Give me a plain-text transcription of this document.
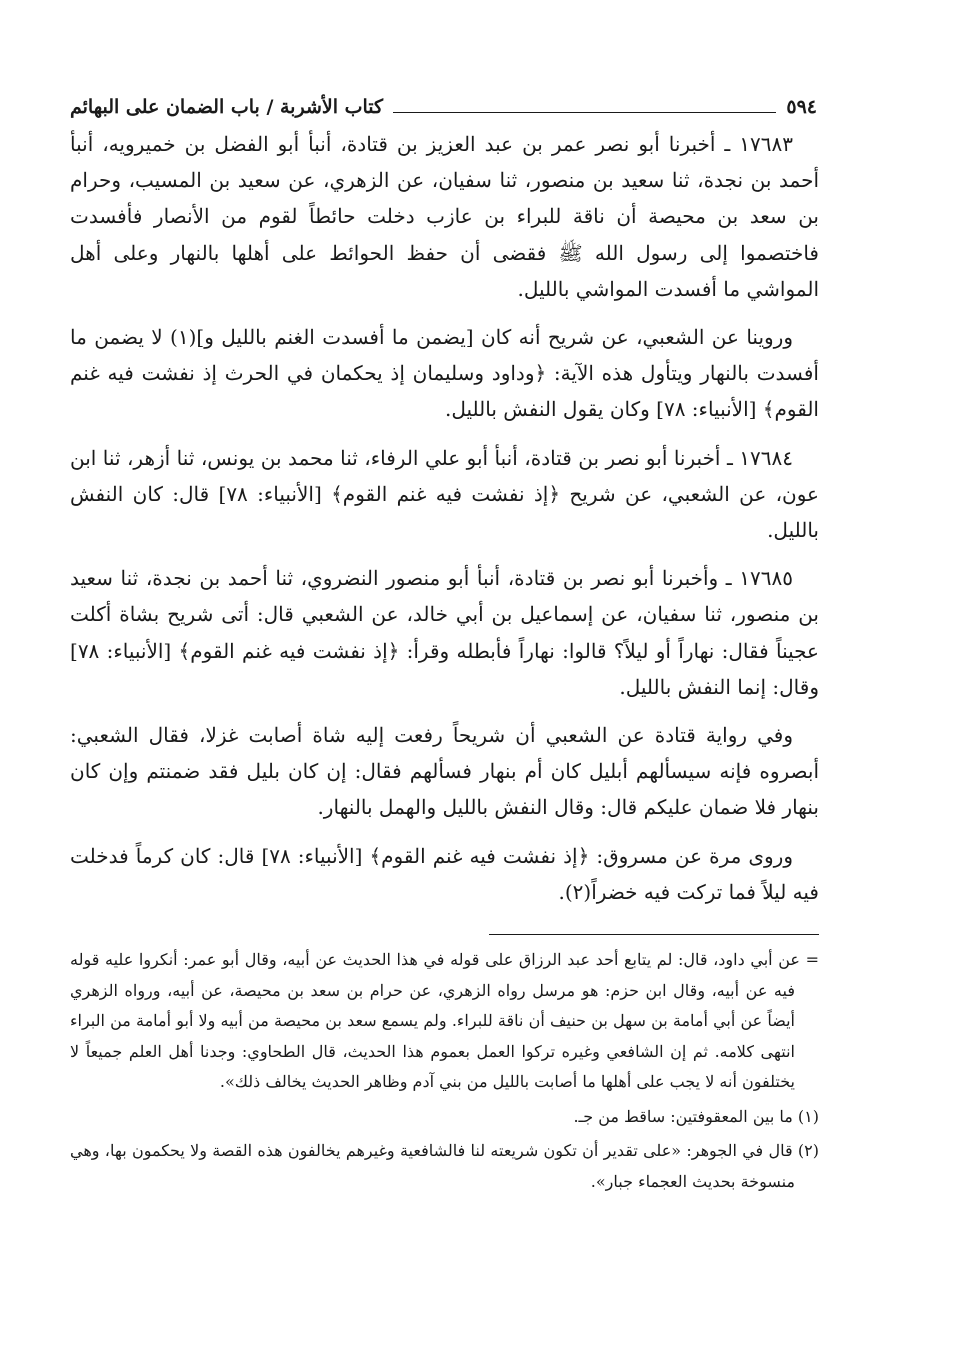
٥٩٤
كتاب الأشربة / باب الضمان على البهائم

١٧٦٨٣ ـ أخبرنا أبو نصر عمر بن عبد العزيز بن قتادة، أنبأ أبو الفضل بن خميرويه، أنبأ أحمد بن نجدة، ثنا سعيد بن منصور، ثنا سفيان، عن الزهري، عن سعيد بن المسيب، وحرام بن سعد بن محيصة أن ناقة للبراء بن عازب دخلت حائطاً لقوم من الأنصار فأفسدت فاختصموا إلى رسول الله ﷺ فقضى أن حفظ الحوائط على أهلها بالنهار وعلى أهل المواشي ما أفسدت المواشي بالليل.

وروينا عن الشعبي، عن شريح أنه كان [يضمن ما أفسدت الغنم بالليل و](١) لا يضمن ما أفسدت بالنهار ويتأول هذه الآية: ﴿وداود وسليمان إذ يحكمان في الحرث إذ نفشت فيه غنم القوم﴾ [الأنبياء: ٧٨] وكان يقول النفش بالليل.

١٧٦٨٤ ـ أخبرنا أبو نصر بن قتادة، أنبأ أبو علي الرفاء، ثنا محمد بن يونس، ثنا أزهر، ثنا ابن عون، عن الشعبي، عن شريح ﴿إذ نفشت فيه غنم القوم﴾ [الأنبياء: ٧٨] قال: كان النفش بالليل.

١٧٦٨٥ ـ وأخبرنا أبو نصر بن قتادة، أنبأ أبو منصور النضروي، ثنا أحمد بن نجدة، ثنا سعيد بن منصور، ثنا سفيان، عن إسماعيل بن أبي خالد، عن الشعبي قال: أتى شريح بشاة أكلت عجيناً فقال: نهاراً أو ليلاً؟ قالوا: نهاراً فأبطله وقرأ: ﴿إذ نفشت فيه غنم القوم﴾ [الأنبياء: ٧٨] وقال: إنما النفش بالليل.

وفي رواية قتادة عن الشعبي أن شريحاً رفعت إليه شاة أصابت غزلا، فقال الشعبي: أبصروه فإنه سيسألهم أبليل كان أم بنهار فسألهم فقال: إن كان بليل فقد ضمنتم وإن كان بنهار فلا ضمان عليكم قال: وقال النفش بالليل والهمل بالنهار.

وروى مرة عن مسروق: ﴿إذ نفشت فيه غنم القوم﴾ [الأنبياء: ٧٨] قال: كان كرماً فدخلت فيه ليلاً فما تركت فيه خضراً(٢).

= عن أبي داود، قال: لم يتابع أحد عبد الرزاق على قوله في هذا الحديث عن أبيه، وقال أبو عمر: أنكروا عليه قوله فيه عن أبيه، وقال ابن حزم: هو مرسل رواه الزهري، عن حرام بن سعد بن محيصة، عن أبيه، ورواه الزهري أيضاً عن أبي أمامة بن سهل بن حنيف أن ناقة للبراء. ولم يسمع سعد بن محيصة من أبيه ولا أبو أمامة من البراء انتهى كلامه. ثم إن الشافعي وغيره تركوا العمل بعموم هذا الحديث، قال الطحاوي: وجدنا أهل العلم جميعاً لا يختلفون أنه لا يجب على أهلها ما أصابت بالليل من بني آدم وظاهر الحديث يخالف ذلك».

(١) ما بين المعقوفتين: ساقط من جـ.

(٢) قال في الجوهر: «على تقدير أن تكون شريعته لنا فالشافعية وغيرهم يخالفون هذه القصة ولا يحكمون بها، وهي منسوخة بحديث العجماء جبار».
